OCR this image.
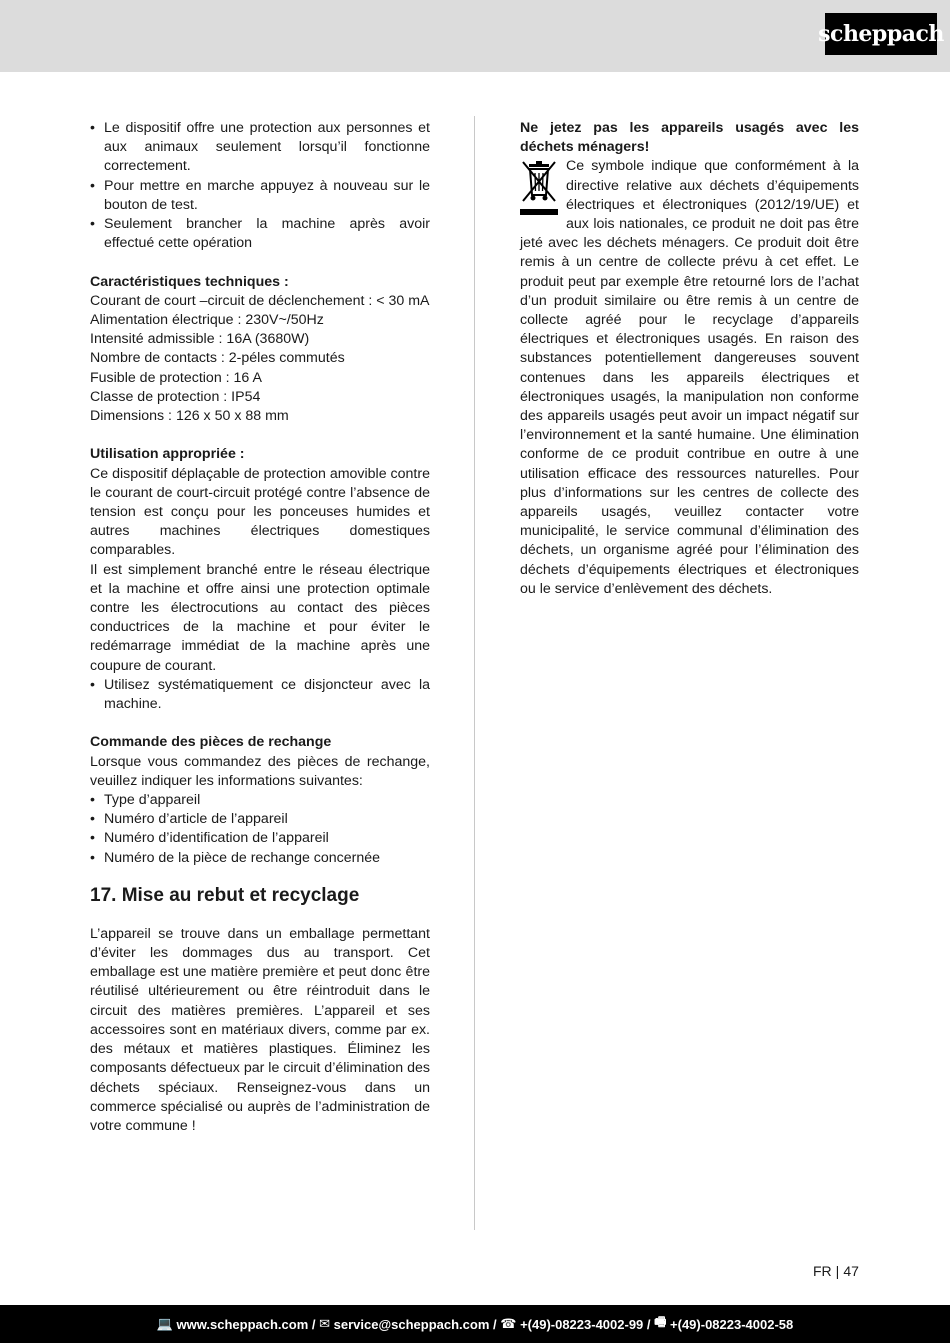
scheppach
• Le dispositif offre une protection aux personnes et aux animaux seulement lorsqu’il fonctionne correctement.
• Pour mettre en marche appuyez à nouveau sur le bouton de test.
• Seulement brancher la machine après avoir effectué cette opération

Caractéristiques techniques :

Courant de court –circuit de déclenchement : < 30 mA

Alimentation électrique : 230V~/50Hz

Intensité admissible : 16A (3680W)

Nombre de contacts : 2-péles commutés

Fusible de protection : 16 A

Classe de protection : IP54

Dimensions : 126 x 50 x 88 mm

Utilisation appropriée :

Ce dispositif déplaçable de protection amovible contre le courant de court-circuit protégé contre l’absence de tension est conçu pour les ponceuses humides et autres machines électriques domestiques comparables.

Il est simplement branché entre le réseau électrique et la machine et offre ainsi une protection optimale contre les électrocutions au contact des pièces conductrices de la machine et pour éviter le redémarrage immédiat de la machine après une coupure de courant.

• Utilisez systématiquement ce disjoncteur avec la machine.

Commande des pièces de rechange

Lorsque vous commandez des pièces de rechange, veuillez indiquer les informations suivantes:

• Type d’appareil
• Numéro d’article de l’appareil
• Numéro d’identification de l’appareil
• Numéro de la pièce de rechange concernée
17. Mise au rebut et recyclage

L’appareil se trouve dans un emballage permettant d’éviter les dommages dus au transport. Cet emballage est une matière première et peut donc être réutilisé ultérieurement ou être réintroduit dans le circuit des matières premières. L’appareil et ses accessoires sont en matériaux divers, comme par ex. des métaux et matières plastiques. Éliminez les composants défectueux par le circuit d’élimination des déchets spéciaux. Renseignez-vous dans un commerce spécialisé ou auprès de l’administration de votre commune !

Ne jetez pas les appareils usagés avec les déchets ménagers!

Ce symbole indique que conformément à la directive relative aux déchets d’équipements électriques et électroniques (2012/19/UE) et aux lois nationales, ce produit ne doit pas être jeté avec les déchets ménagers. Ce produit doit être remis à un centre de collecte prévu à cet effet. Le produit peut par exemple être retourné lors de l’achat d’un produit similaire ou être remis à un centre de collecte agréé pour le recyclage d’appareils électriques et électroniques usagés. En raison des substances potentiellement dangereuses souvent contenues dans les appareils électriques et électroniques usagés, la manipulation non conforme des appareils usagés peut avoir un impact négatif sur l’environnement et la santé humaine. Une élimination conforme de ce produit contribue en outre à une utilisation efficace des ressources naturelles. Pour plus d’informations sur les centres de collecte des appareils usagés, veuillez contacter votre municipalité, le service communal d’élimination des déchets, un organisme agréé pour l’élimination des déchets d’équipements électriques et électroniques ou le service d’enlèvement des déchets.

FR | 47
💻 www.scheppach.com / ✉ service@scheppach.com / ☎ +(49)-08223-4002-99 / 🖷 +(49)-08223-4002-58
